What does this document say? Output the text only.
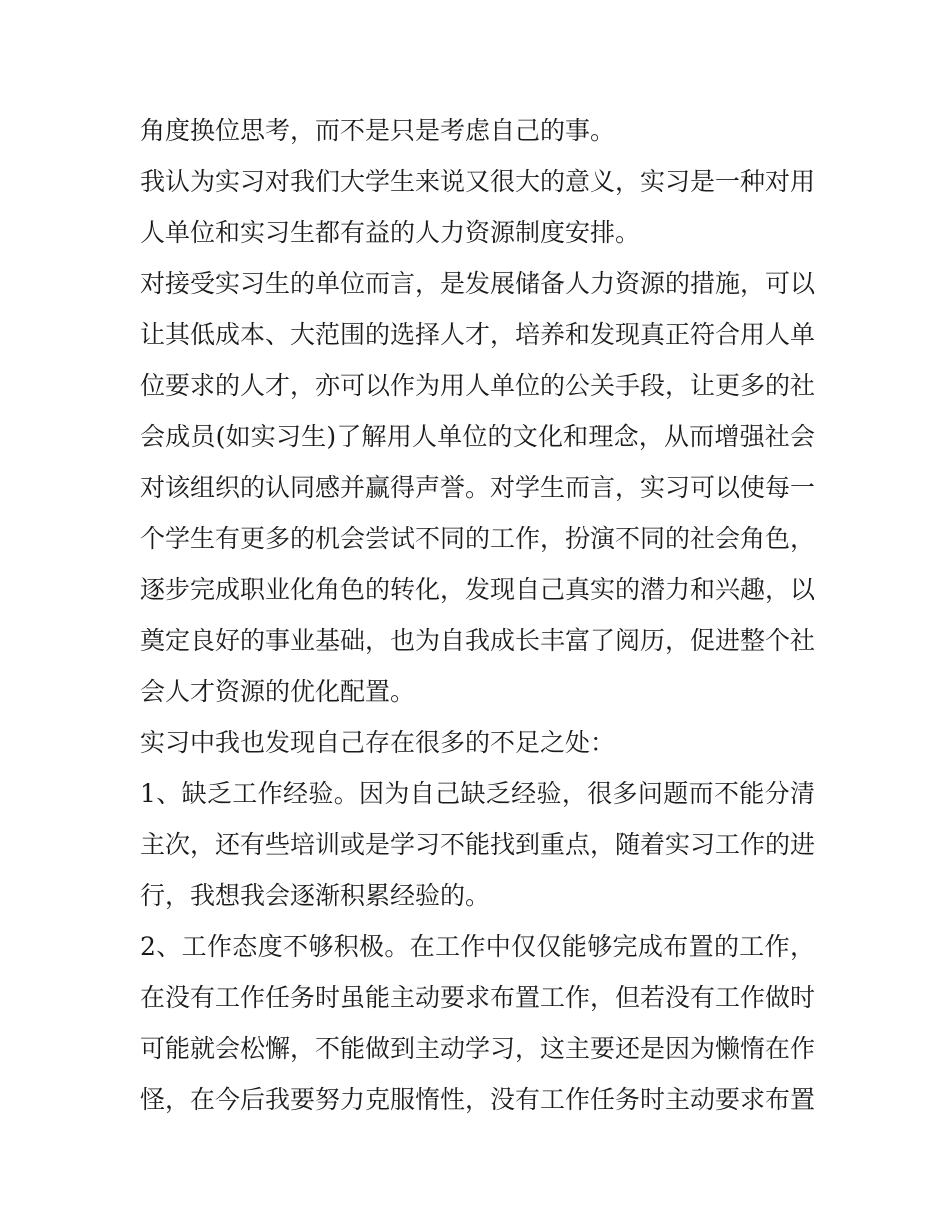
角度换位思考，而不是只是考虑自己的事。

我认为实习对我们大学生来说又很大的意义，实习是一种对用人单位和实习生都有益的人力资源制度安排。

对接受实习生的单位而言，是发展储备人力资源的措施，可以让其低成本、大范围的选择人才，培养和发现真正符合用人单位要求的人才，亦可以作为用人单位的公关手段，让更多的社会成员(如实习生)了解用人单位的文化和理念，从而增强社会对该组织的认同感并赢得声誉。对学生而言，实习可以使每一个学生有更多的机会尝试不同的工作，扮演不同的社会角色，逐步完成职业化角色的转化，发现自己真实的潜力和兴趣，以奠定良好的事业基础，也为自我成长丰富了阅历，促进整个社会人才资源的优化配置。

实习中我也发现自己存在很多的不足之处：

1、缺乏工作经验。因为自己缺乏经验，很多问题而不能分清主次，还有些培训或是学习不能找到重点，随着实习工作的进行，我想我会逐渐积累经验的。

2、工作态度不够积极。在工作中仅仅能够完成布置的工作，在没有工作任务时虽能主动要求布置工作，但若没有工作做时可能就会松懈，不能做到主动学习，这主要还是因为懒惰在作怪，在今后我要努力克服惰性，没有工作任务时主动要求布置
